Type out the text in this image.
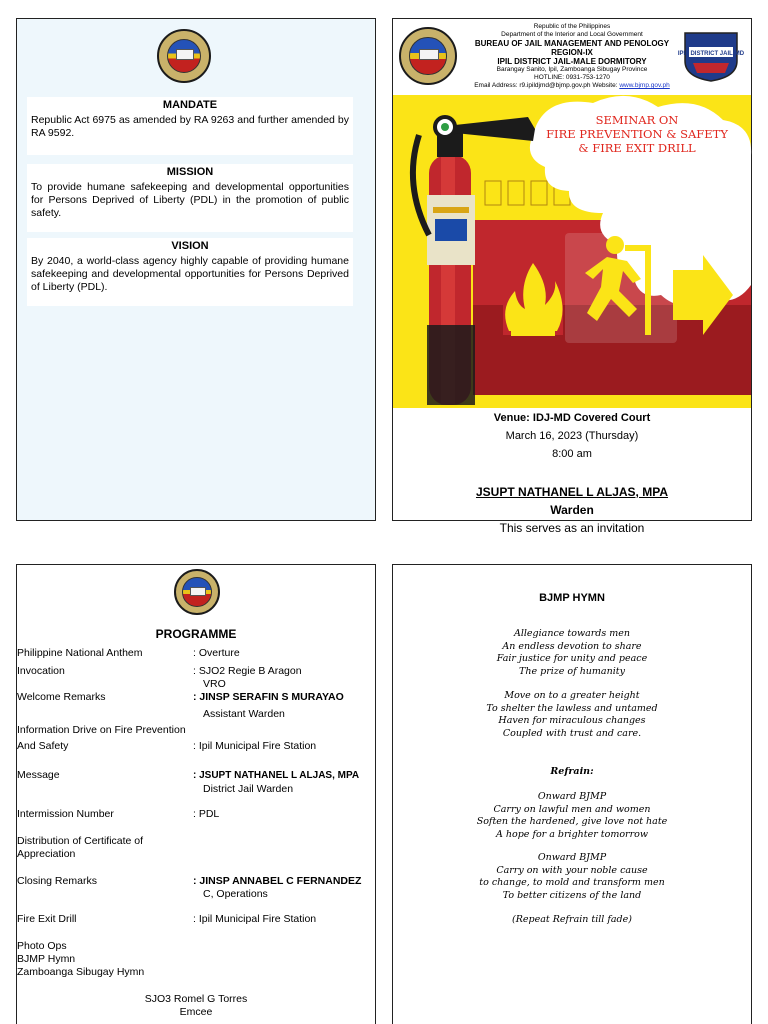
MANDATE

Republic Act 6975 as amended by RA 9263 and further amended by RA 9592.

MISSION

To provide humane safekeeping and developmental opportunities for Persons Deprived of Liberty (PDL) in the promotion of public safety.

VISION

By 2040, a world-class agency highly capable of providing humane safekeeping and developmental opportunities for Persons Deprived of Liberty (PDL).

IPIL DISTRICT JAIL-MD
Republic of the Philippines
Department of the Interior and Local Government
BUREAU OF JAIL MANAGEMENT AND PENOLOGY
REGION-IX
IPIL DISTRICT JAIL-MALE DORMITORY
Barangay Sanito, Ipil, Zamboanga Sibugay Province
HOTLINE: 0931-753-1270
Email Address: r9.ipildjmd@bjmp.gov.ph Website: www.bjmp.gov.ph
SEMINAR ON
FIRE PREVENTION & SAFETY
& FIRE EXIT DRILL
Venue: IDJ-MD Covered Court
March 16, 2023 (Thursday)
8:00 am
JSUPT NATHANEL L ALJAS, MPA
Warden
This serves as an invitation
PROGRAMME
Philippine National Anthem	: Overture
Invocation	: SJO2 Regie B Aragon
VRO
Welcome Remarks	: JINSP SERAFIN S MURAYAO
Assistant Warden
Information Drive on Fire Prevention
And Safety	: Ipil Municipal Fire Station
Message	: JSUPT NATHANEL L ALJAS, MPA
District Jail Warden
Intermission Number	: PDL
Distribution of Certificate of
Appreciation
Closing Remarks	: JINSP ANNABEL C FERNANDEZ
C, Operations
Fire Exit Drill	: Ipil Municipal Fire Station
Photo Ops
BJMP Hymn
Zamboanga Sibugay Hymn
SJO3 Romel G Torres
Emcee
BJMP HYMN
Allegiance towards men
An endless devotion to share
Fair justice for unity and peace
The prize of humanity
Move on to a greater height
To shelter the lawless and untamed
Haven for miraculous changes
Coupled with trust and care.
Refrain:
Onward BJMP
Carry on lawful men and women
Soften the hardened, give love not hate
A hope for a brighter tomorrow
Onward BJMP
Carry on with your noble cause
to change, to mold and transform men
To better citizens of the land
(Repeat Refrain till fade)
